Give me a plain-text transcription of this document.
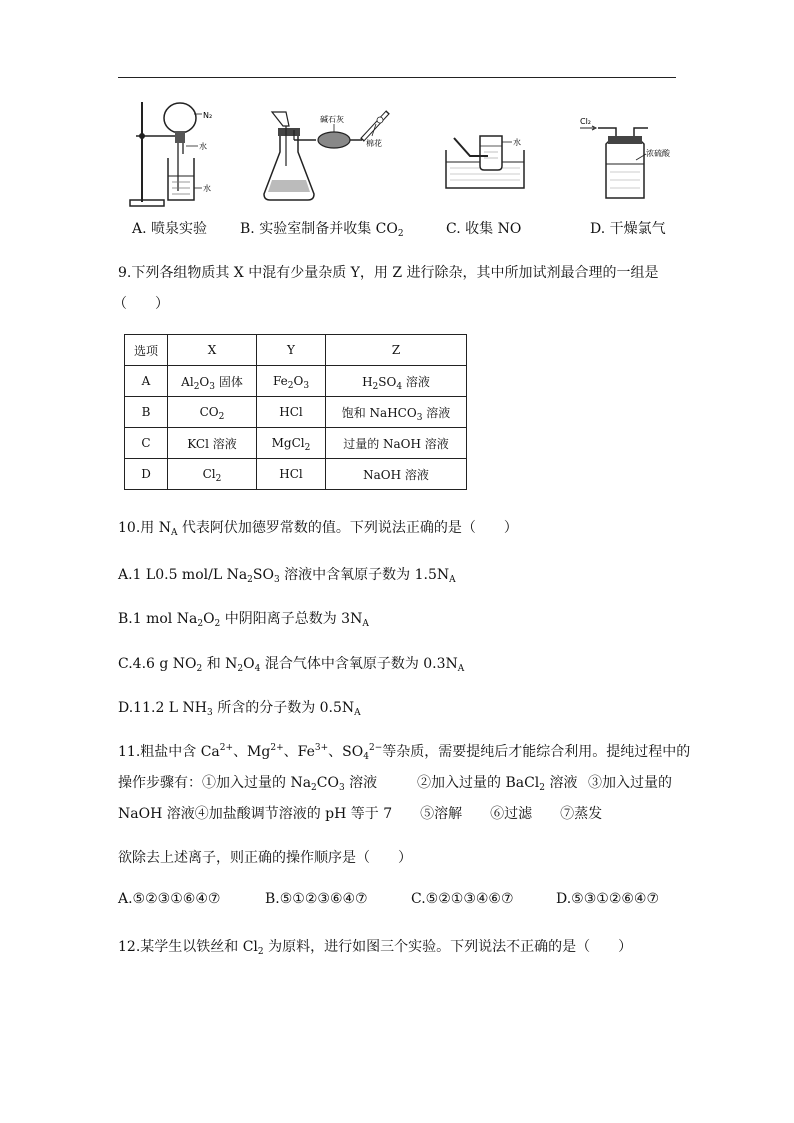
N₂
水
水
碱石灰
棉花	水
Cl₂
浓硫酸
A. 喷泉实验 B. 实验室制备并收集 $CO_2$	C. 收集 NO	D. 干燥氯气
9.下列各组物质其 X 中混有少量杂质 Y，用 Z 进行除杂，其中所加试剂最合理的一组是
（　　）
选项	X	Y	Z
A	$Al_2O_3$ 固体	$Fe_2O_3$	$H_2SO_4$ 溶液
B	$CO_2$	HCl	饱和 NaHCO$_3$ 溶液
C	KCl 溶液	MgCl$_2$	过量的 NaOH 溶液
D	$Cl_2$	HCl	NaOH 溶液
10.用 $N_A$ 代表阿伏加德罗常数的值。下列说法正确的是（　　）
A.1 L0.5 mol/L $Na_2SO_3$ 溶液中含氧原子数为 $1.5N_A$
B.1 mol $Na_2O_2$ 中阴阳离子总数为 $3N_A$
C.4.6 g $NO_2$ 和 $N_2O_4$ 混合气体中含氧原子数为 $0.3N_A$
D.11.2 L $NH_3$ 所含的分子数为 $0.5N_A$
11.粗盐中含 $Ca^{2+}$、$Mg^{2+}$、$Fe^{3+}$、$SO_4^{2-}$等杂质，需要提纯后才能综合利用。提纯过程中的
操作步骤有：①加入过量的 $Na_2CO_3$ 溶液	②加入过量的 BaCl$_2$ 溶液 ③加入过量的
NaOH 溶液④加盐酸调节溶液的 pH 等于 7　　⑤溶解　　⑥过滤　　⑦蒸发
欲除去上述离子，则正确的操作顺序是（　　）
A.⑤②③①⑥④⑦	B.⑤①②③⑥④⑦	C.⑤②①③④⑥⑦	D.⑤③①②⑥④⑦
12.某学生以铁丝和 $Cl_2$ 为原料，进行如图三个实验。下列说法不正确的是（　　）
